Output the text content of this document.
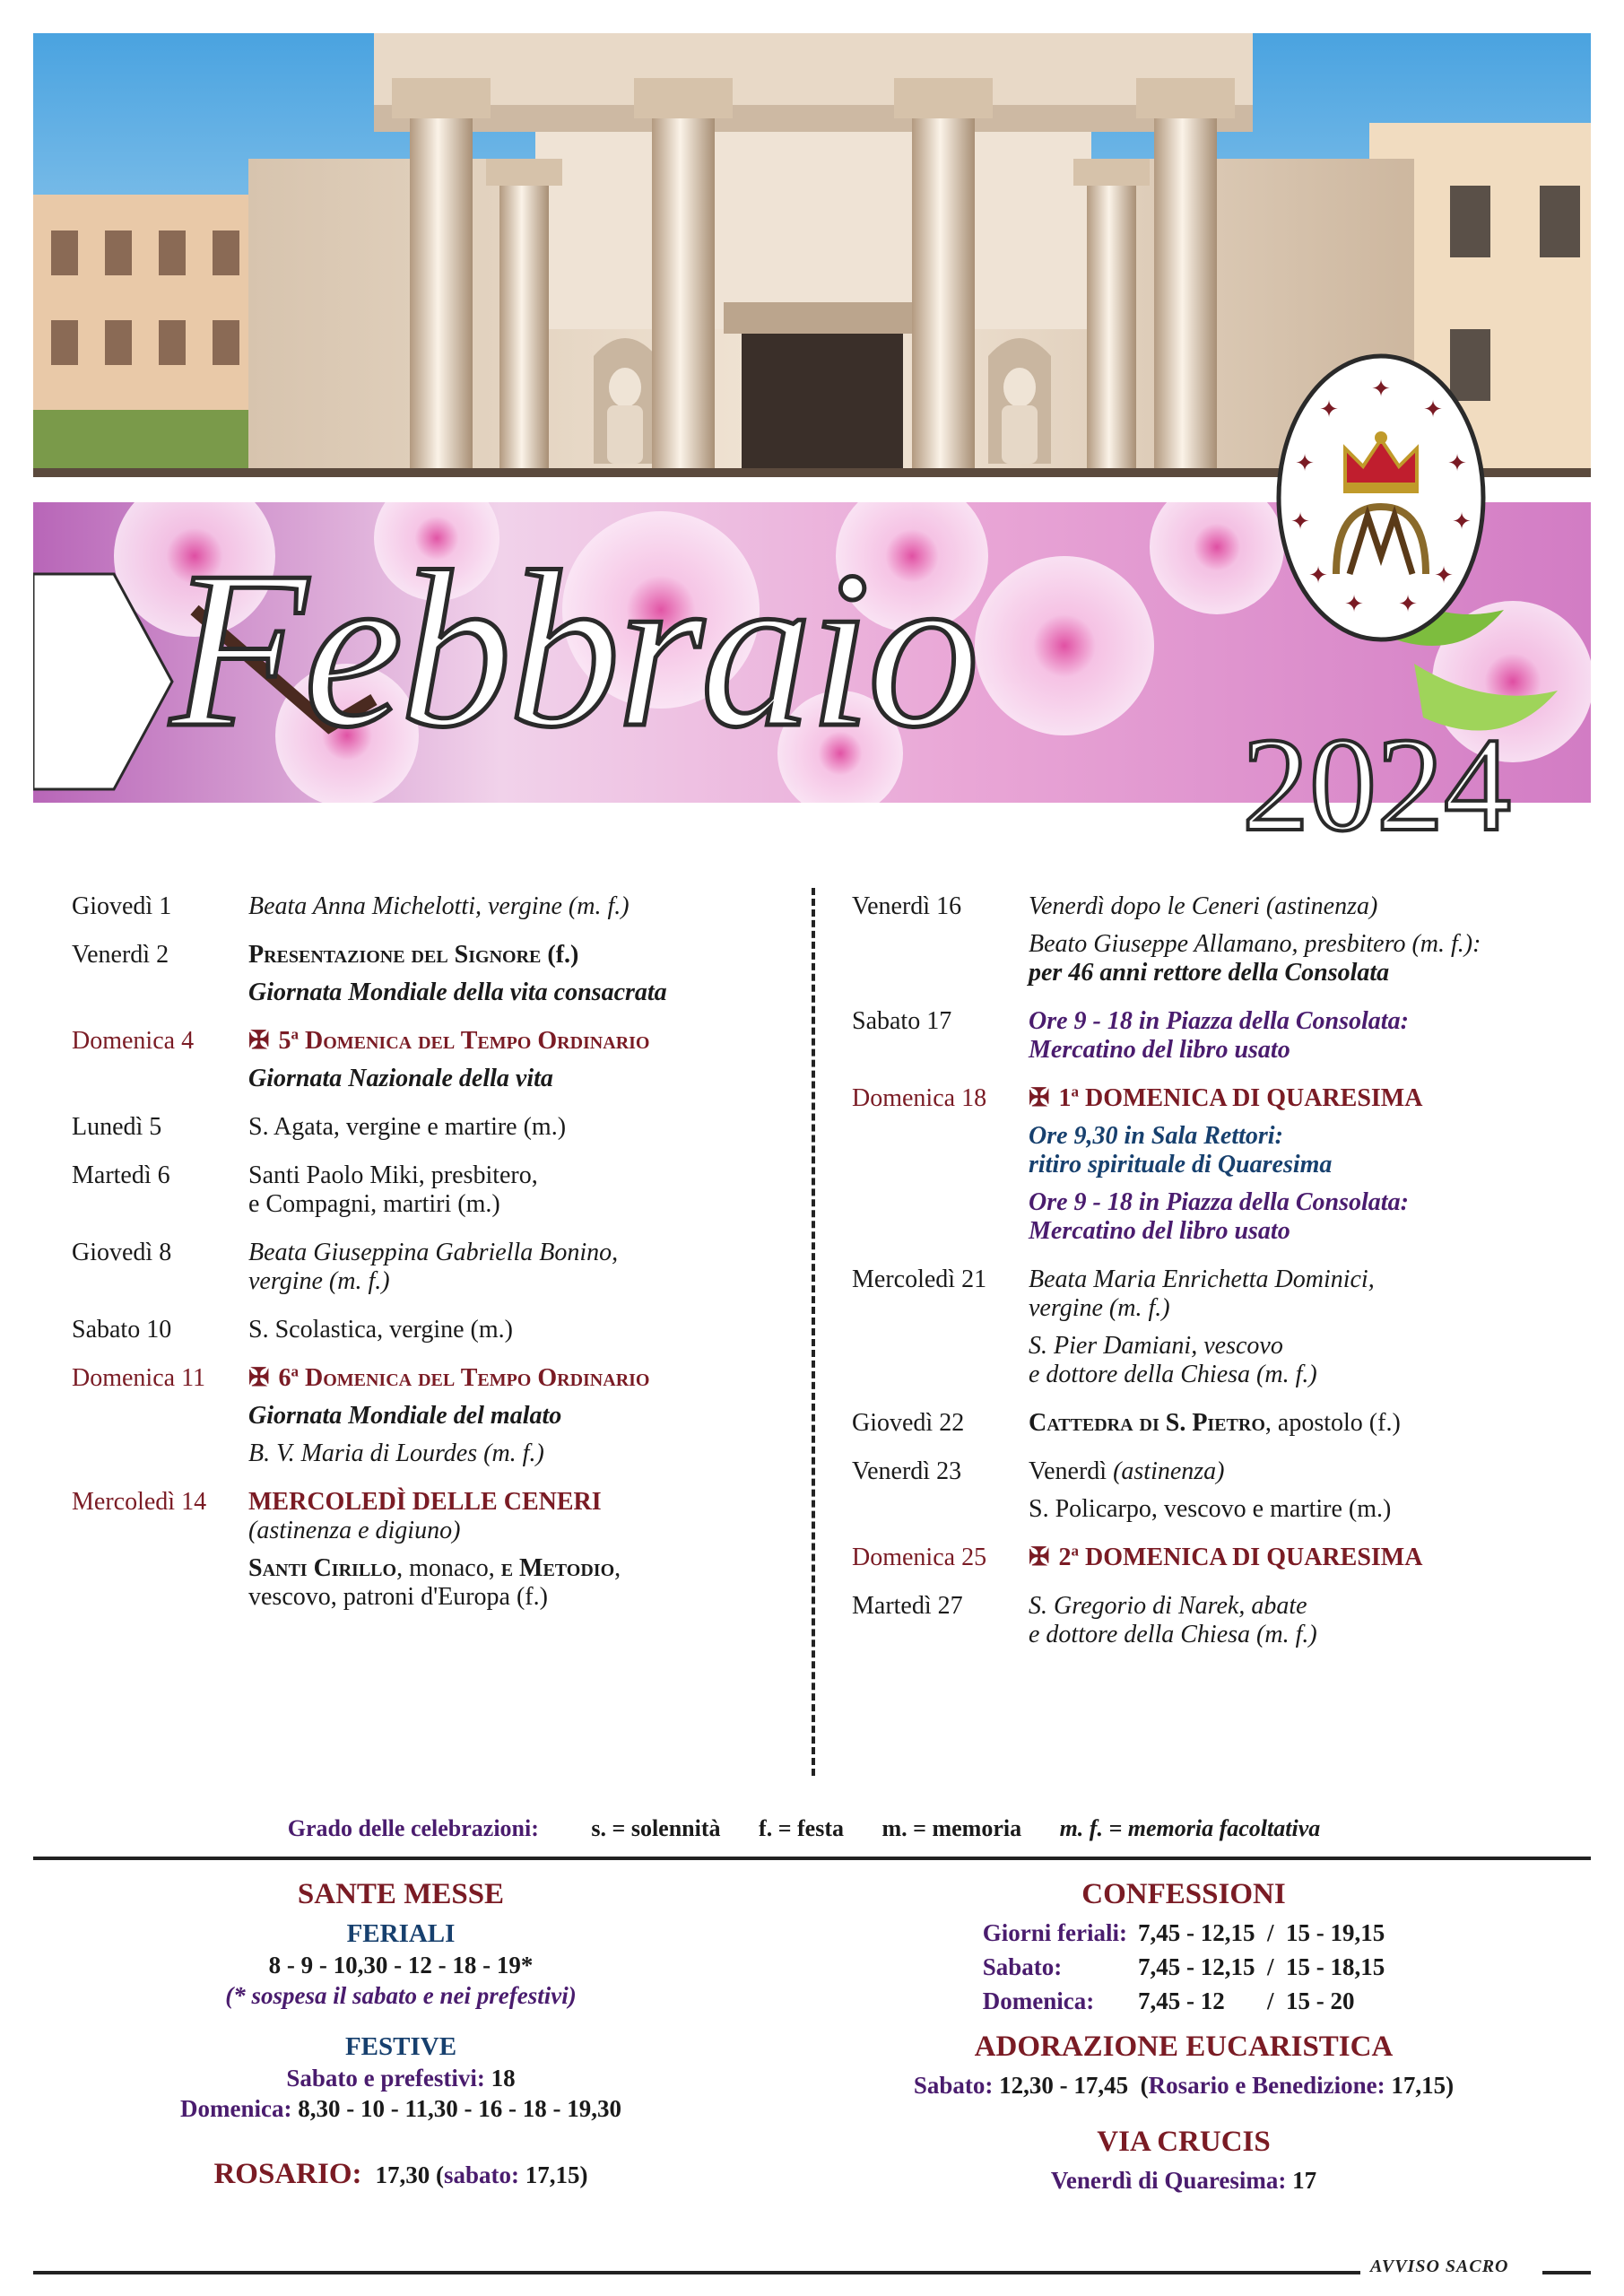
Febbraio
2024
✦
✦	✦
✦	✦
✦	✦
✦	✦
✦ ✦
Giovedì 1	Beata Anna Michelotti, vergine (m. f.)
Venerdì 2	Presentazione del Signore (f.)
Giornata Mondiale della vita consacrata
Domenica 4	✠ 5$^a$ Domenica del Tempo Ordinario
Giornata Nazionale della vita
Lunedì 5	S. Agata, vergine e martire (m.)
Martedì 6	Santi Paolo Miki, presbitero,
e Compagni, martiri (m.)
Giovedì 8	Beata Giuseppina Gabriella Bonino,
vergine (m. f.)
Sabato 10	S. Scolastica, vergine (m.)
Domenica 11	✠ 6$^a$ Domenica del Tempo Ordinario
Giornata Mondiale del malato
B. V. Maria di Lourdes (m. f.)
Mercoledì 14	MERCOLEDÌ DELLE CENERI
(astinenza e digiuno)
Santi Cirillo, monaco, e Metodio,
vescovo, patroni d'Europa (f.)
Venerdì 16	Venerdì dopo le Ceneri (astinenza)
Beato Giuseppe Allamano, presbitero (m. f.):
per 46 anni rettore della Consolata
Sabato 17	Ore 9 - 18 in Piazza della Consolata:
Mercatino del libro usato
Domenica 18	✠ 1$^a$ DOMENICA DI QUARESIMA
Ore 9,30 in Sala Rettori:
ritiro spirituale di Quaresima
Ore 9 - 18 in Piazza della Consolata:
Mercatino del libro usato
Mercoledì 21	Beata Maria Enrichetta Dominici,
vergine (m. f.)
S. Pier Damiani, vescovo
e dottore della Chiesa (m. f.)
Giovedì 22	Cattedra di S. Pietro, apostolo (f.)
Venerdì 23	Venerdì (astinenza)
S. Policarpo, vescovo e martire (m.)
Domenica 25	✠ 2$^a$ DOMENICA DI QUARESIMA
Martedì 27	S. Gregorio di Narek, abate
e dottore della Chiesa (m. f.)
Grado delle celebrazioni: s. = solennità f. = festa m. = memoria m. f. = memoria facoltativa
SANTE MESSE
FERIALI
8 - 9 - 10,30 - 12 - 18 - 19*
(* sospesa il sabato e nei prefestivi)
FESTIVE
Sabato e prefestivi: 18
Domenica: 8,30 - 10 - 11,30 - 16 - 18 - 19,30
ROSARIO: 17,30 (sabato: 17,15)
CONFESSIONI
Giorni feriali: 7,45 - 12,15  /  15 - 19,15
Sabato:	7,45 - 12,15  /  15 - 18,15
Domenica:	7,45 - 12       /  15 - 20
ADORAZIONE EUCARISTICA
Sabato: 12,30 - 17,45  (Rosario e Benedizione: 17,15)
VIA CRUCIS
Venerdì di Quaresima: 17
AVVISO SACRO
